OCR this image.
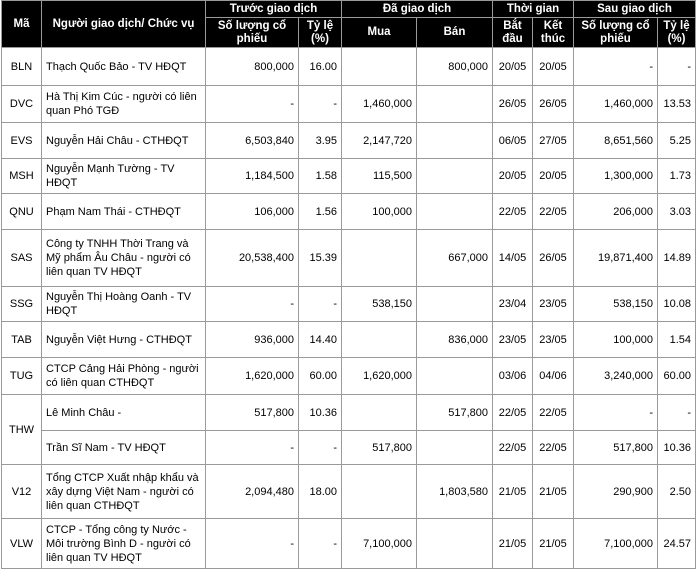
Mã	Người giao dịch/ Chức vụ	Trước giao dịch		Đã giao dịch		Thời gian		Sau giao dịch	
		Số lượng cổ phiếu	Tỷ lệ (%)	Mua	Bán	Bắt đầu	Kết thúc	Số lượng cổ phiếu	Tỷ lệ (%)
BLN	Thạch Quốc Bảo - TV HĐQT	800,000	16.00		800,000	20/05	20/05	-	-
DVC	Hà Thị Kim Cúc - người có liên quan Phó TGĐ	-	-	1,460,000		26/05	26/05	1,460,000	13.53
EVS	Nguyễn Hải Châu - CTHĐQT	6,503,840	3.95	2,147,720		06/05	27/05	8,651,560	5.25
MSH	Nguyễn Mạnh Tường - TV HĐQT	1,184,500	1.58	115,500		20/05	20/05	1,300,000	1.73
QNU	Phạm Nam Thái - CTHĐQT	106,000	1.56	100,000		22/05	22/05	206,000	3.03
SAS	Công ty TNHH Thời Trang và Mỹ phẩm Âu Châu - người có liên quan TV HĐQT	20,538,400	15.39		667,000	14/05	26/05	19,871,400	14.89
SSG	Nguyễn Thị Hoàng Oanh - TV HĐQT	-	-	538,150		23/04	23/05	538,150	10.08
TAB	Nguyễn Việt Hưng - CTHĐQT	936,000	14.40		836,000	23/05	23/05	100,000	1.54
TUG	CTCP Cảng Hải Phòng - người có liên quan CTHĐQT	1,620,000	60.00	1,620,000		03/06	04/06	3,240,000	60.00
THW	Lê Minh Châu -	517,800	10.36		517,800	22/05	22/05	-	-
	Trần Sĩ Nam - TV HĐQT	-	-	517,800		22/05	22/05	517,800	10.36
V12	Tổng CTCP Xuất nhập khẩu và xây dựng Việt Nam - người có liên quan CTHĐQT	2,094,480	18.00		1,803,580	21/05	21/05	290,900	2.50
VLW	CTCP - Tổng công ty Nước - Môi trường Bình D - người có liên quan TV HĐQT	-	-	7,100,000		21/05	21/05	7,100,000	24.57
